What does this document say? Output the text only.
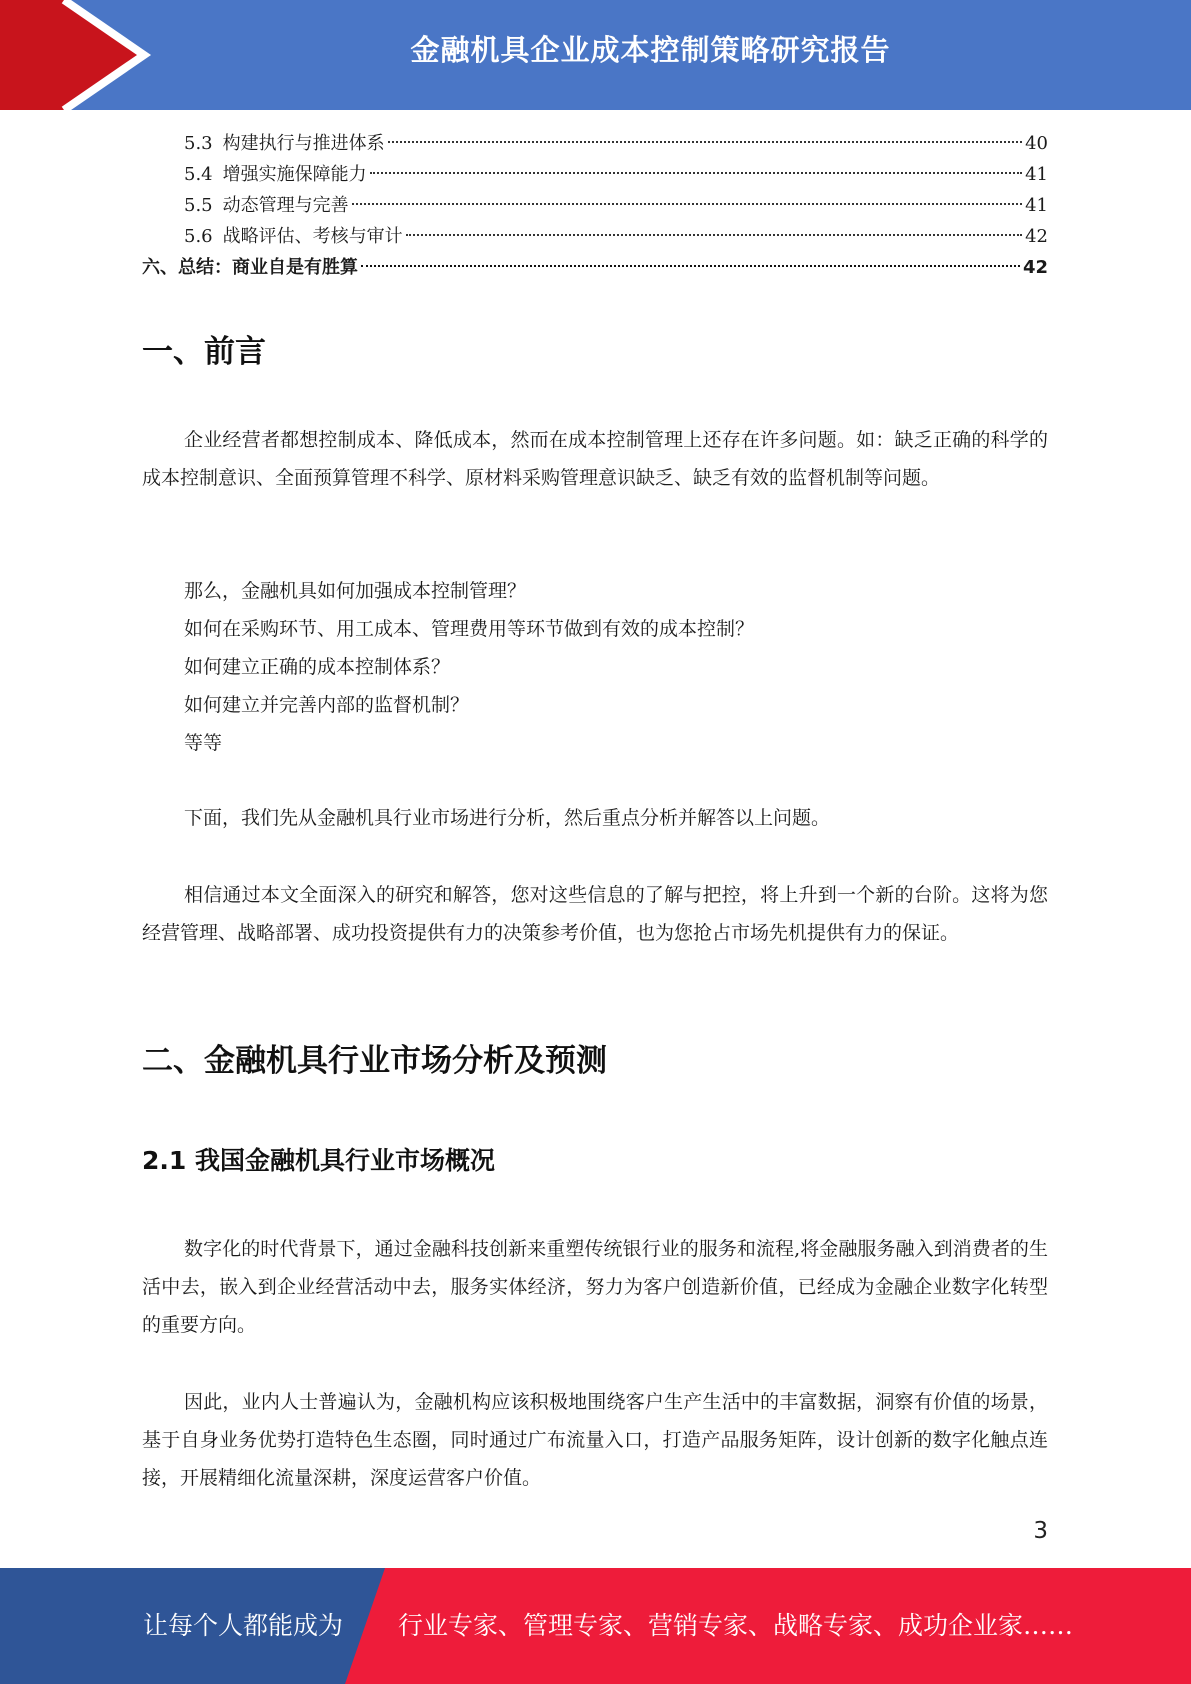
金融机具企业成本控制策略研究报告
5.3 构建执行与推进体系	40
5.4 增强实施保障能力	41
5.5 动态管理与完善	41
5.6 战略评估、考核与审计	42
六、总结：商业自是有胜算	42
一、前言

企业经营者都想控制成本、降低成本，然而在成本控制管理上还存在许多问题。如：缺乏正确的科学的成本控制意识、全面预算管理不科学、原材料采购管理意识缺乏、缺乏有效的监督机制等问题。

那么，金融机具如何加强成本控制管理？
如何在采购环节、用工成本、管理费用等环节做到有效的成本控制？
如何建立正确的成本控制体系？
如何建立并完善内部的监督机制？
等等

下面，我们先从金融机具行业市场进行分析，然后重点分析并解答以上问题。

相信通过本文全面深入的研究和解答，您对这些信息的了解与把控，将上升到一个新的台阶。这将为您经营管理、战略部署、成功投资提供有力的决策参考价值，也为您抢占市场先机提供有力的保证。

二、金融机具行业市场分析及预测
2.1 我国金融机具行业市场概况

数字化的时代背景下，通过金融科技创新来重塑传统银行业的服务和流程,将金融服务融入到消费者的生活中去，嵌入到企业经营活动中去，服务实体经济，努力为客户创造新价值，已经成为金融企业数字化转型的重要方向。

因此，业内人士普遍认为，金融机构应该积极地围绕客户生产生活中的丰富数据，洞察有价值的场景，基于自身业务优势打造特色生态圈，同时通过广布流量入口，打造产品服务矩阵，设计创新的数字化触点连接，开展精细化流量深耕，深度运营客户价值。

3
让每个人都能成为 行业专家、管理专家、营销专家、战略专家、成功企业家……
